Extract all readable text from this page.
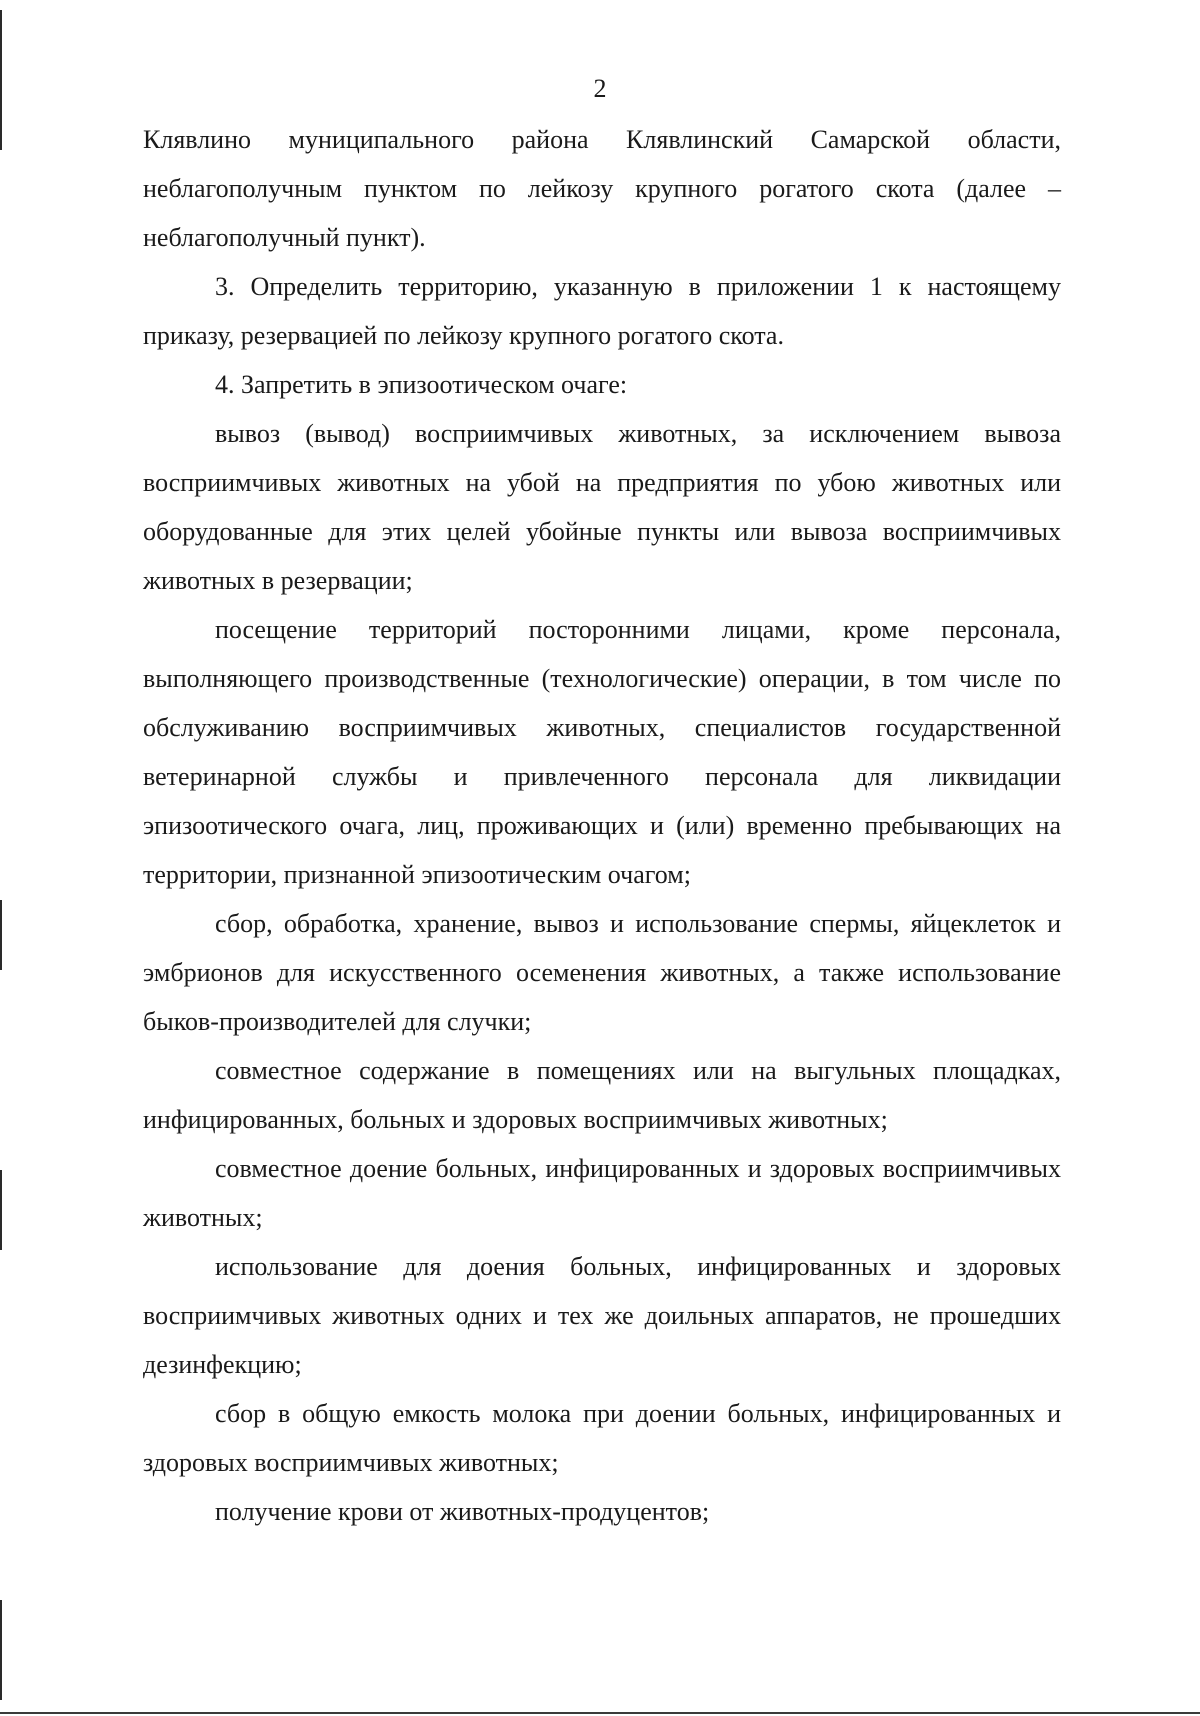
2

Клявлино муниципального района Клявлинский Самарской области, неблагополучным пунктом по лейкозу крупного рогатого скота (далее – неблагополучный пункт).

3. Определить территорию, указанную в приложении 1 к настоящему приказу, резервацией по лейкозу крупного рогатого скота.

4. Запретить в эпизоотическом очаге:

вывоз (вывод) восприимчивых животных, за исключением вывоза восприимчивых животных на убой на предприятия по убою животных или оборудованные для этих целей убойные пункты или вывоза восприимчивых животных в резервации;

посещение территорий посторонними лицами, кроме персонала, выполняющего производственные (технологические) операции, в том числе по обслуживанию восприимчивых животных, специалистов государственной ветеринарной службы и привлеченного персонала для ликвидации эпизоотического очага, лиц, проживающих и (или) временно пребывающих на территории, признанной эпизоотическим очагом;

сбор, обработка, хранение, вывоз и использование спермы, яйцеклеток и эмбрионов для искусственного осеменения животных, а также использование быков-производителей для случки;

совместное содержание в помещениях или на выгульных площадках, инфицированных, больных и здоровых восприимчивых животных;

совместное доение больных, инфицированных и здоровых восприимчивых животных;

использование для доения больных, инфицированных и здоровых восприимчивых животных одних и тех же доильных аппаратов, не прошедших дезинфекцию;

сбор в общую емкость молока при доении больных, инфицированных и здоровых восприимчивых животных;

получение крови от животных-продуцентов;
